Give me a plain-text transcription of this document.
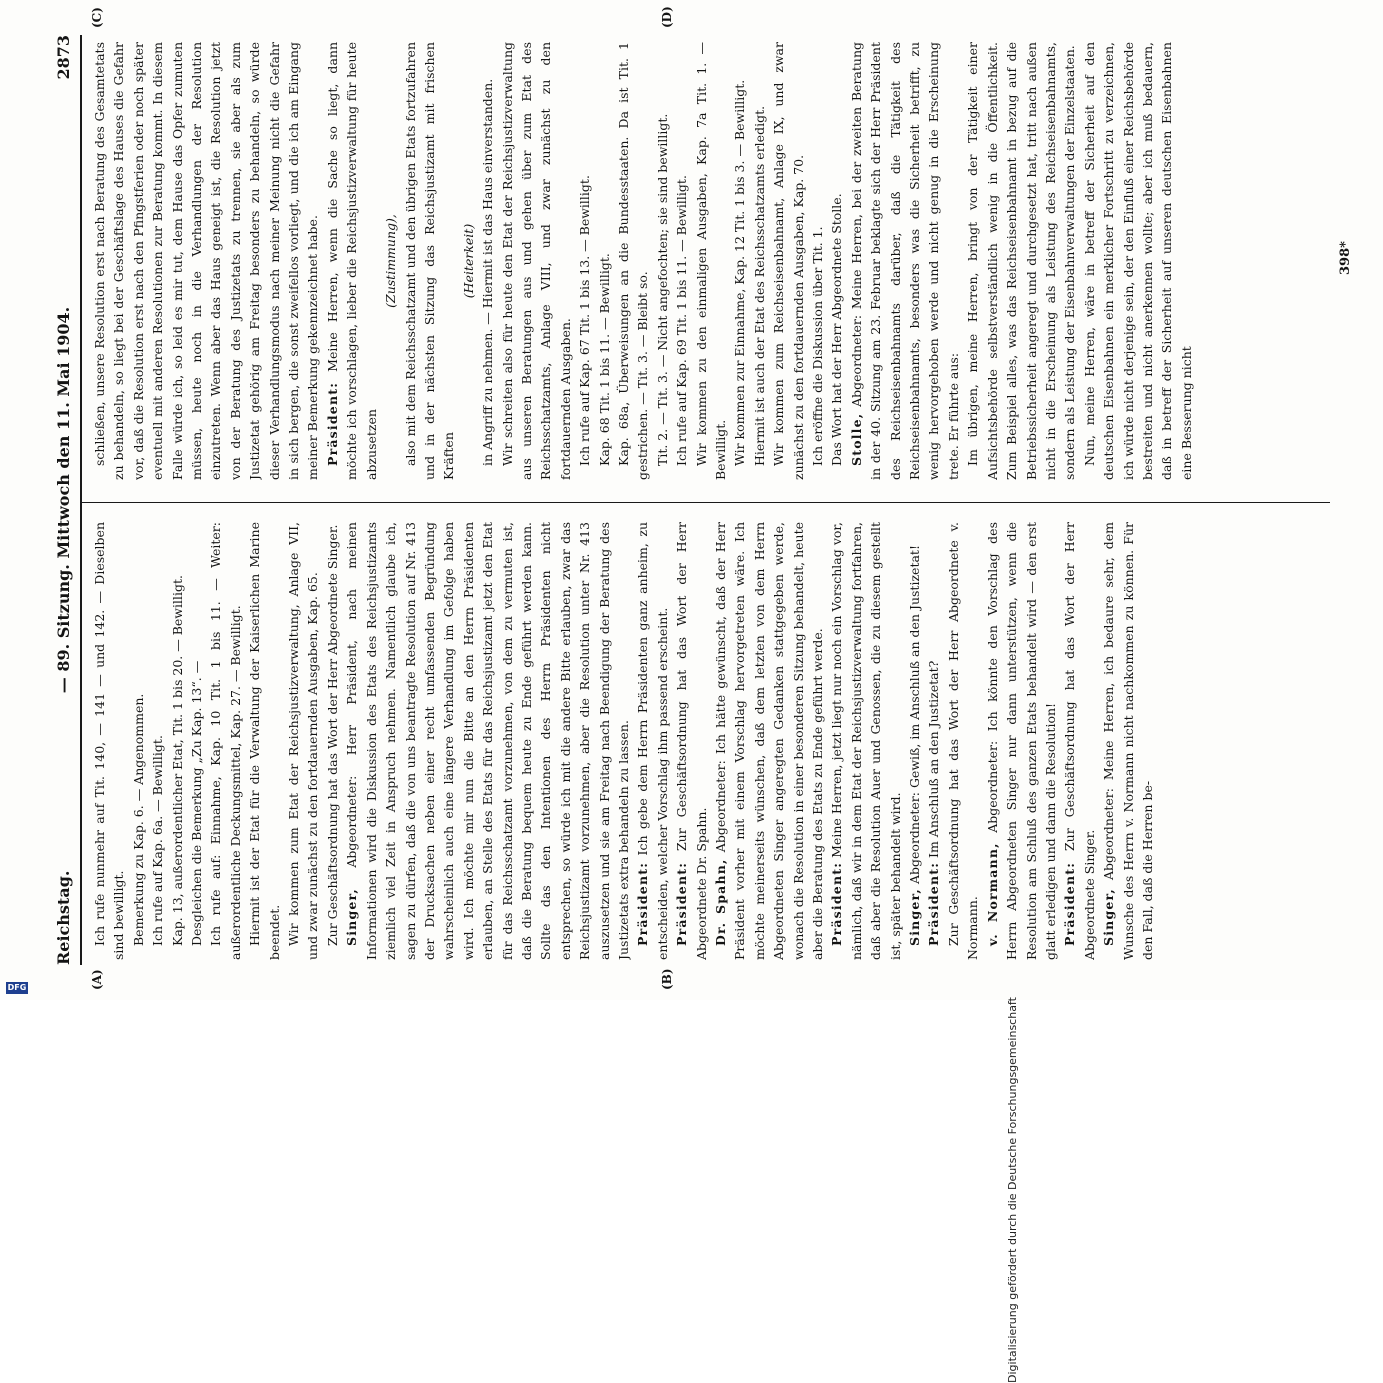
Reichstag.
— 89. Sitzung. Mittwoch den 11. Mai 1904.
2873
(A)	(B)
(C)	(D)

Ich rufe nunmehr auf Tit. 140, — 141 — und 142. — Dieselben sind bewilligt. Bemerkung zu Kap. 6. — Angenommen. Ich rufe auf Kap. 6a. — Bewilligt. Kap. 13, außerordentlicher Etat, Tit. 1 bis 20. — Bewilligt. Desgleichen die Bemerkung „Zu Kap. 13“. — Ich rufe auf: Einnahme, Kap. 10 Tit. 1 bis 11. — Weiter: außerordentliche Deckungsmittel, Kap. 27. — Bewilligt. Hiermit ist der Etat für die Verwaltung der Kaiserlichen Marine beendet. Wir kommen zum Etat der Reichsjustizverwaltung, Anlage VII, und zwar zunächst zu den fortdauernden Ausgaben, Kap. 65. Zur Geschäftsordnung hat das Wort der Herr Abgeordnete Singer. Singer, Abgeordneter: Herr Präsident, nach meinen Informationen wird die Diskussion des Etats des Reichsjustizamts ziemlich viel Zeit in Anspruch nehmen. Namentlich glaube ich, sagen zu dürfen, daß die von uns beantragte Resolution auf Nr. 413 der Drucksachen neben einer recht umfassenden Begründung wahrscheinlich auch eine längere Verhandlung im Gefolge haben wird. Ich möchte mir nun die Bitte an den Herrn Präsidenten erlauben, an Stelle des Etats für das Reichsjustizamt jetzt den Etat für das Reichsschatzamt vorzunehmen, von dem zu vermuten ist, daß die Beratung bequem heute zu Ende geführt werden kann. Sollte das den Intentionen des Herrn Präsidenten nicht entsprechen, so würde ich mit die andere Bitte erlauben, zwar das Reichsjustizamt vorzunehmen, aber die Resolution unter Nr. 413 auszusetzen und sie am Freitag nach Beendigung der Beratung des Justizetats extra behandeln zu lassen. Präsident: Ich gebe dem Herrn Präsidenten ganz anheim, zu entscheiden, welcher Vorschlag ihm passend erscheint. Präsident: Zur Geschäftsordnung hat das Wort der Herr Abgeordnete Dr. Spahn. Dr. Spahn, Abgeordneter: Ich hätte gewünscht, daß der Herr Präsident vorher mit einem Vorschlag hervorgetreten wäre. Ich möchte meinerseits wünschen, daß dem letzten von dem Herrn Abgeordneten Singer angeregten Gedanken stattgegeben werde, wonach die Resolution in einer besonderen Sitzung behandelt, heute aber die Beratung des Etats zu Ende geführt werde. Präsident: Meine Herren, jetzt liegt nur noch ein Vorschlag vor, nämlich, daß wir in dem Etat der Reichsjustizverwaltung fortfahren, daß aber die Resolution Auer und Genossen, die zu diesem gestellt ist, später behandelt wird. Singer, Abgeordneter: Gewiß, im Anschluß an den Justizetat!

Präsident: Im Anschluß an den Justizetat? Zur Geschäftsordnung hat das Wort der Herr Abgeordnete v. Normann. v. Normann, Abgeordneter: Ich könnte den Vorschlag des Herrn Abgeordneten Singer nur dann unterstützen, wenn die Resolution am Schluß des ganzen Etats behandelt wird — den erst glatt erledigen und dann die Resolution! Präsident: Zur Geschäftsordnung hat das Wort der Herr Abgeordnete Singer. Singer, Abgeordneter: Meine Herren, ich bedaure sehr, dem Wunsche des Herrn v. Normann nicht nachkommen zu können. Für den Fall, daß die Herren be-

schließen, unsere Resolution erst nach Beratung des Gesamtetats zu behandeln, so liegt bei der Geschäftslage des Hauses die Gefahr vor, daß die Resolution erst nach den Pfingstferien oder noch später eventuell mit anderen Resolutionen zur Beratung kommt. In diesem Falle würde ich, so leid es mir tut, dem Hause das Opfer zumuten müssen, heute noch in die Verhandlungen der Resolution einzutreten. Wenn aber das Haus geneigt ist, die Resolution jetzt von der Beratung des Justizetats zu trennen, sie aber als zum Justizetat gehörig am Freitag besonders zu behandeln, so würde dieser Verhandlungsmodus nach meiner Meinung nicht die Gefahr in sich bergen, die sonst zweifellos vorliegt, und die ich am Eingang meiner Bemerkung gekennzeichnet habe. Präsident: Meine Herren, wenn die Sache so liegt, dann möchte ich vorschlagen, lieber die Reichsjustizverwaltung für heute abzusetzen

(Zustimmung), also mit dem Reichsschatzamt und den übrigen Etats fortzufahren und in der nächsten Sitzung das Reichsjustizamt mit frischen Kräften

(Heiterkeit) in Angriff zu nehmen. — Hiermit ist das Haus einverstanden. Wir schreiten also für heute den Etat der Reichsjustizverwaltung aus unseren Beratungen aus und gehen über zum Etat des Reichsschatzamts, Anlage VIII, und zwar zunächst zu den fortdauernden Ausgaben. Ich rufe auf Kap. 67 Tit. 1 bis 13. — Bewilligt. Kap. 68 Tit. 1 bis 11. — Bewilligt. Kap. 68a, Überweisungen an die Bundesstaaten. Da ist Tit. 1 gestrichen. — Tit. 3. — Bleibt so. Tit. 2. — Tit. 3. — Nicht angefochten; sie sind bewilligt. Ich rufe auf Kap. 69 Tit. 1 bis 11. — Bewilligt. Wir kommen zu den einmaligen Ausgaben, Kap. 7a Tit. 1. — Bewilligt. Wir kommen zur Einnahme, Kap. 12 Tit. 1 bis 3. — Bewilligt. Hiermit ist auch der Etat des Reichsschatzamts erledigt. Wir kommen zum Reichseisenbahnamt, Anlage IX, und zwar zunächst zu den fortdauernden Ausgaben, Kap. 70. Ich eröffne die Diskussion über Tit. 1. Das Wort hat der Herr Abgeordnete Stolle. Stolle, Abgeordneter: Meine Herren, bei der zweiten Beratung in der 40. Sitzung am 23. Februar beklagte sich der Herr Präsident des Reichseisenbahnamts darüber, daß die Tätigkeit des Reichseisenbahnamts, besonders was die Sicherheit betrifft, zu wenig hervorgehoben werde und nicht genug in die Erscheinung trete. Er führte aus: Im übrigen, meine Herren, bringt von der Tätigkeit einer Aufsichtsbehörde selbstverständlich wenig in die Öffentlichkeit. Zum Beispiel alles, was das Reichseisenbahnamt in bezug auf die Betriebssicherheit angeregt und durchgesetzt hat, tritt nach außen nicht in die Erscheinung als Leistung des Reichseisenbahnamts, sondern als Leistung der Eisenbahnverwaltungen der Einzelstaaten. Nun, meine Herren, wäre in betreff der Sicherheit auf den deutschen Eisenbahnen ein merklicher Fortschritt zu verzeichnen, ich würde nicht derjenige sein, der den Einfluß einer Reichsbehörde bestreiten und nicht anerkennen wollte; aber ich muß bedauern, daß in betreff der Sicherheit auf unseren deutschen Eisenbahnen eine Besserung nicht

398*
Digitalisierung gefördert durch die Deutsche Forschungsgemeinschaft
DFG
